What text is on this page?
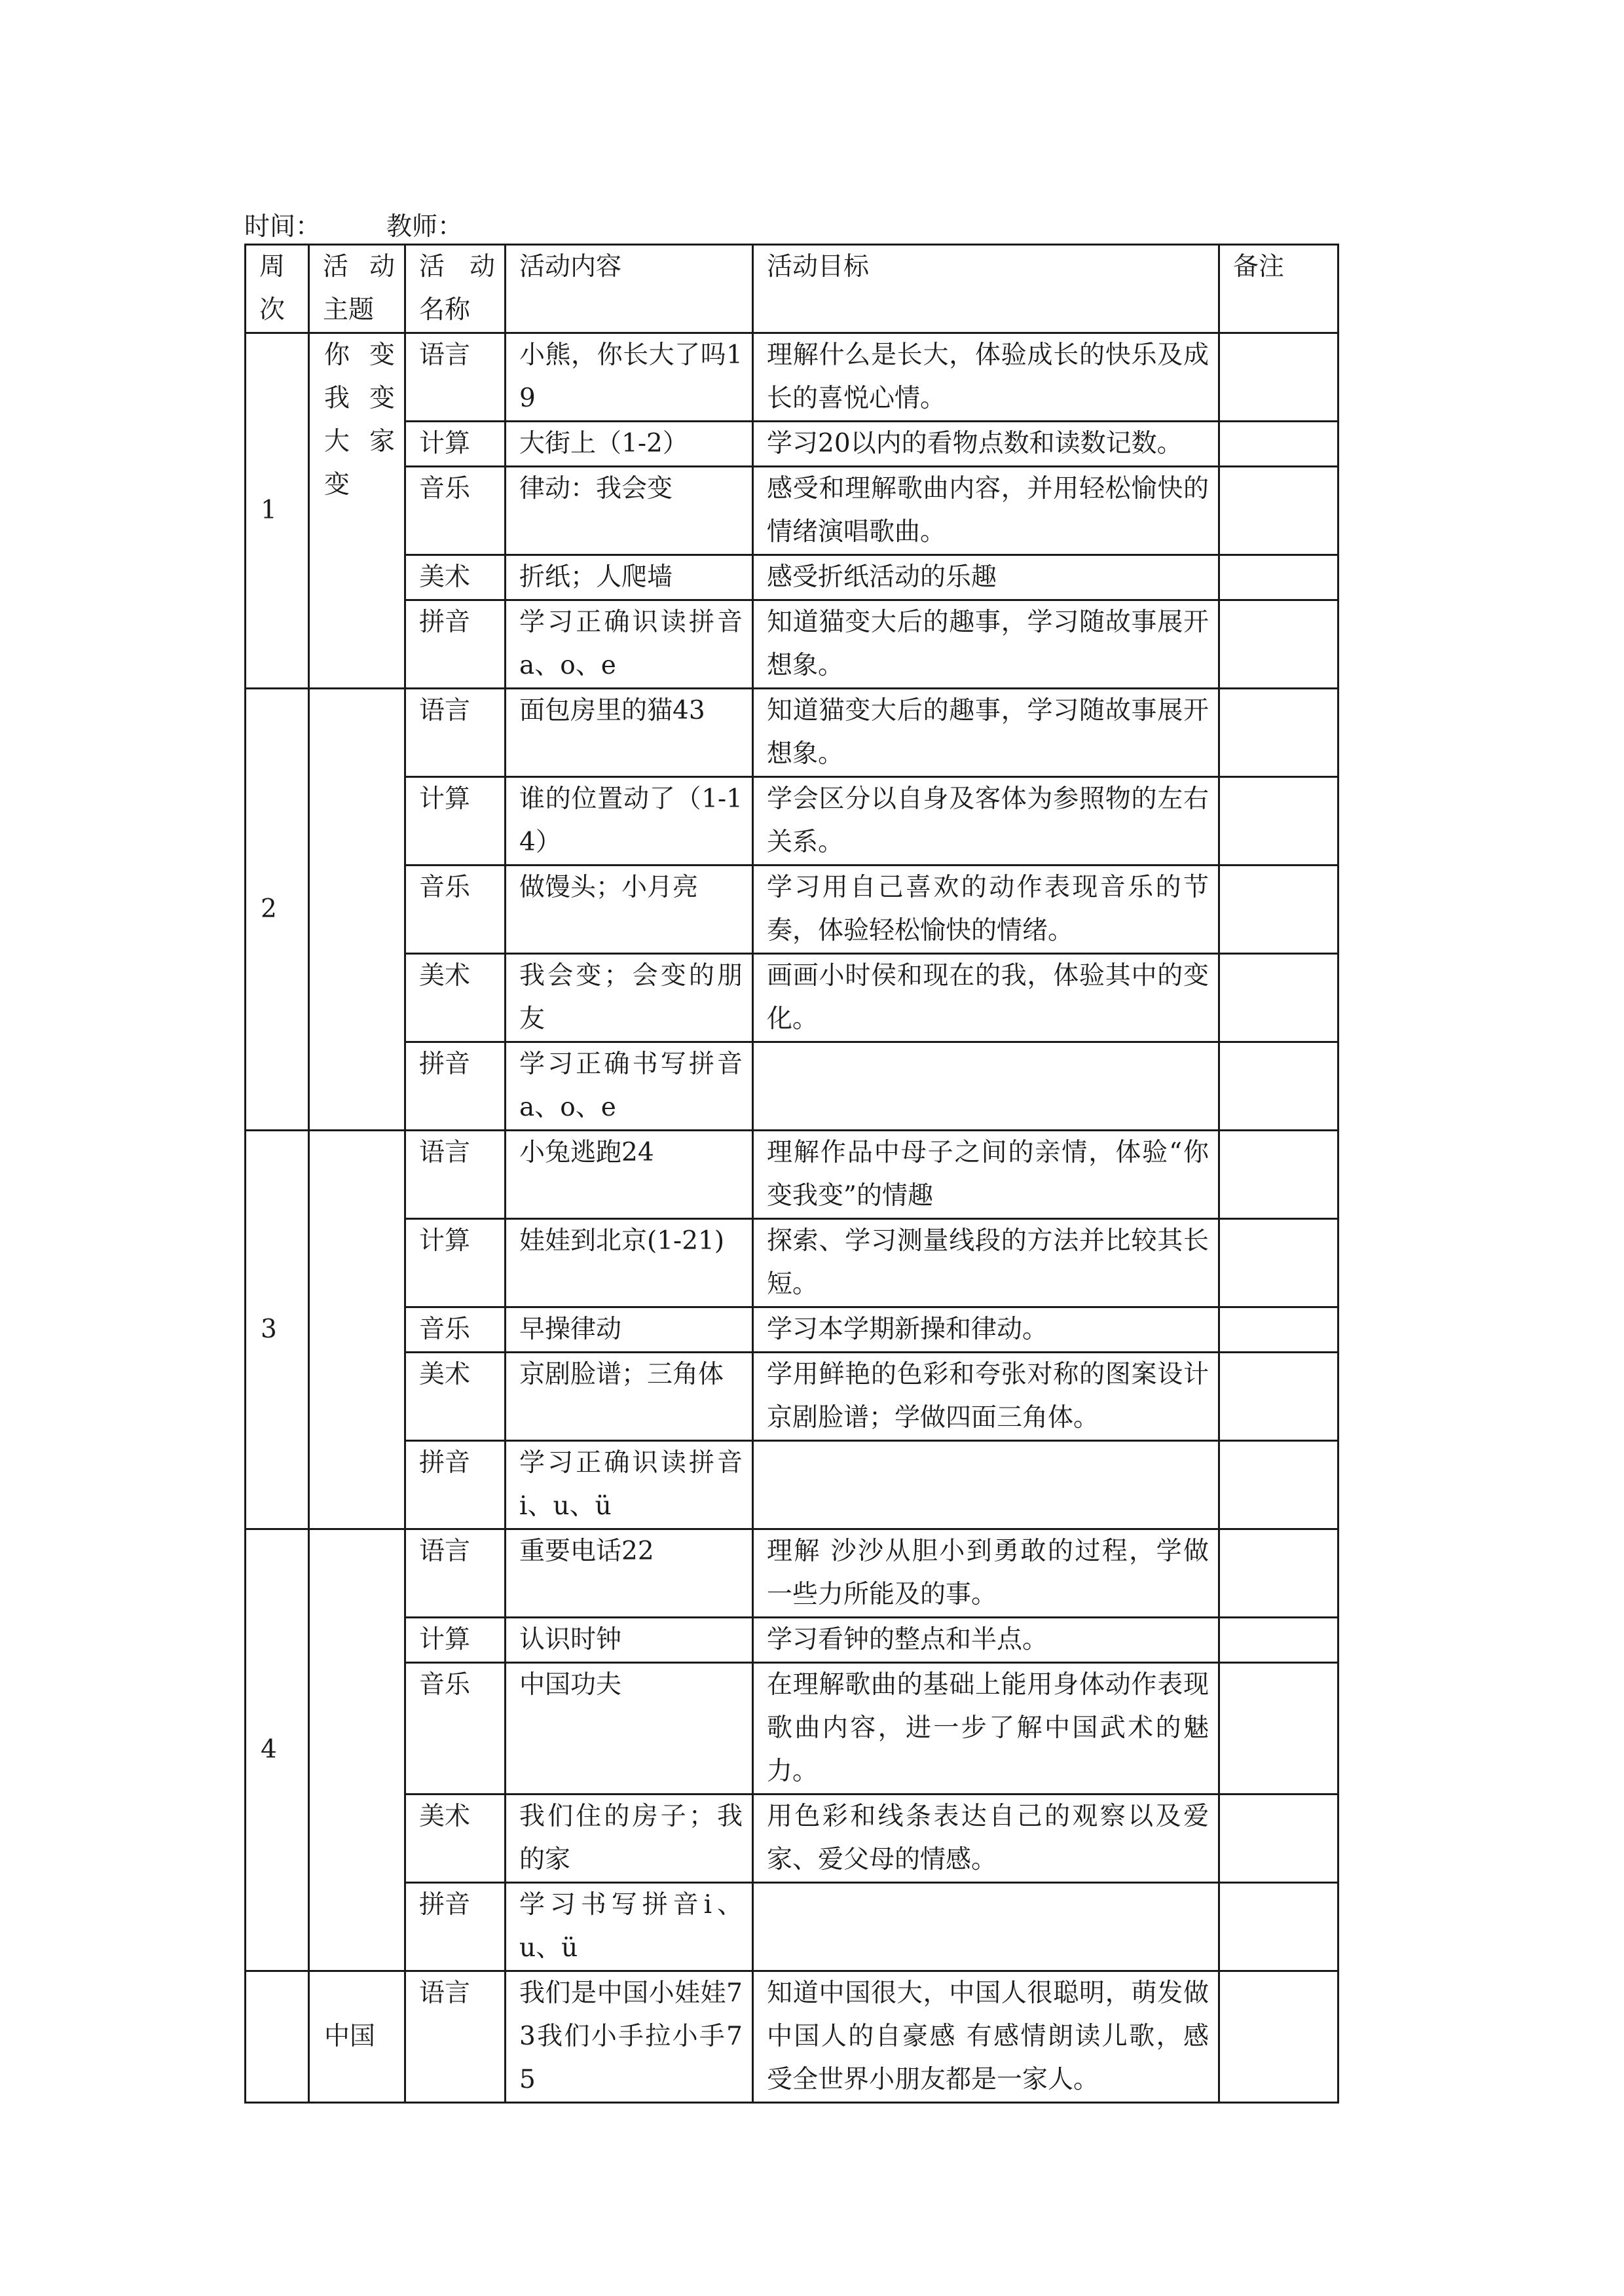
时间：	教师：
周次	活动主题	活动名称	活动内容	活动目标	备注
1	你变我变大家变	语言	小熊，你长大了吗19	理解什么是长大，体验成长的快乐及成长的喜悦心情。	
		计算	大街上（1-2）	学习20以内的看物点数和读数记数。	
		音乐	律动：我会变	感受和理解歌曲内容，并用轻松愉快的情绪演唱歌曲。	
		美术	折纸；人爬墙	感受折纸活动的乐趣	
		拼音	学习正确识读拼音a、o、e	知道猫变大后的趣事，学习随故事展开想象。	
2		语言	面包房里的猫43	知道猫变大后的趣事，学习随故事展开想象。	
		计算	谁的位置动了（1-14）	学会区分以自身及客体为参照物的左右关系。	
		音乐	做馒头；小月亮	学习用自己喜欢的动作表现音乐的节奏，体验轻松愉快的情绪。	
		美术	我会变；会变的朋友	画画小时侯和现在的我，体验其中的变化。	
		拼音	学习正确书写拼音a、o、e		
3		语言	小兔逃跑24	理解作品中母子之间的亲情，体验“你变我变”的情趣	
		计算	娃娃到北京(1-21)	探索、学习测量线段的方法并比较其长短。	
		音乐	早操律动	学习本学期新操和律动。	
		美术	京剧脸谱；三角体	学用鲜艳的色彩和夸张对称的图案设计京剧脸谱；学做四面三角体。	
		拼音	学习正确识读拼音i、u、ü		
4		语言	重要电话22	理解 沙沙从胆小到勇敢的过程，学做一些力所能及的事。	
		计算	认识时钟	学习看钟的整点和半点。	
		音乐	中国功夫	在理解歌曲的基础上能用身体动作表现歌曲内容，进一步了解中国武术的魅力。	
		美术	我们住的房子；我的家	用色彩和线条表达自己的观察以及爱家、爱父母的情感。	
		拼音	学习书写拼音i、u、ü		
	中国	语言	我们是中国小娃娃73我们小手拉小手75	知道中国很大，中国人很聪明，萌发做中国人的自豪感 有感情朗读儿歌，感受全世界小朋友都是一家人。	
